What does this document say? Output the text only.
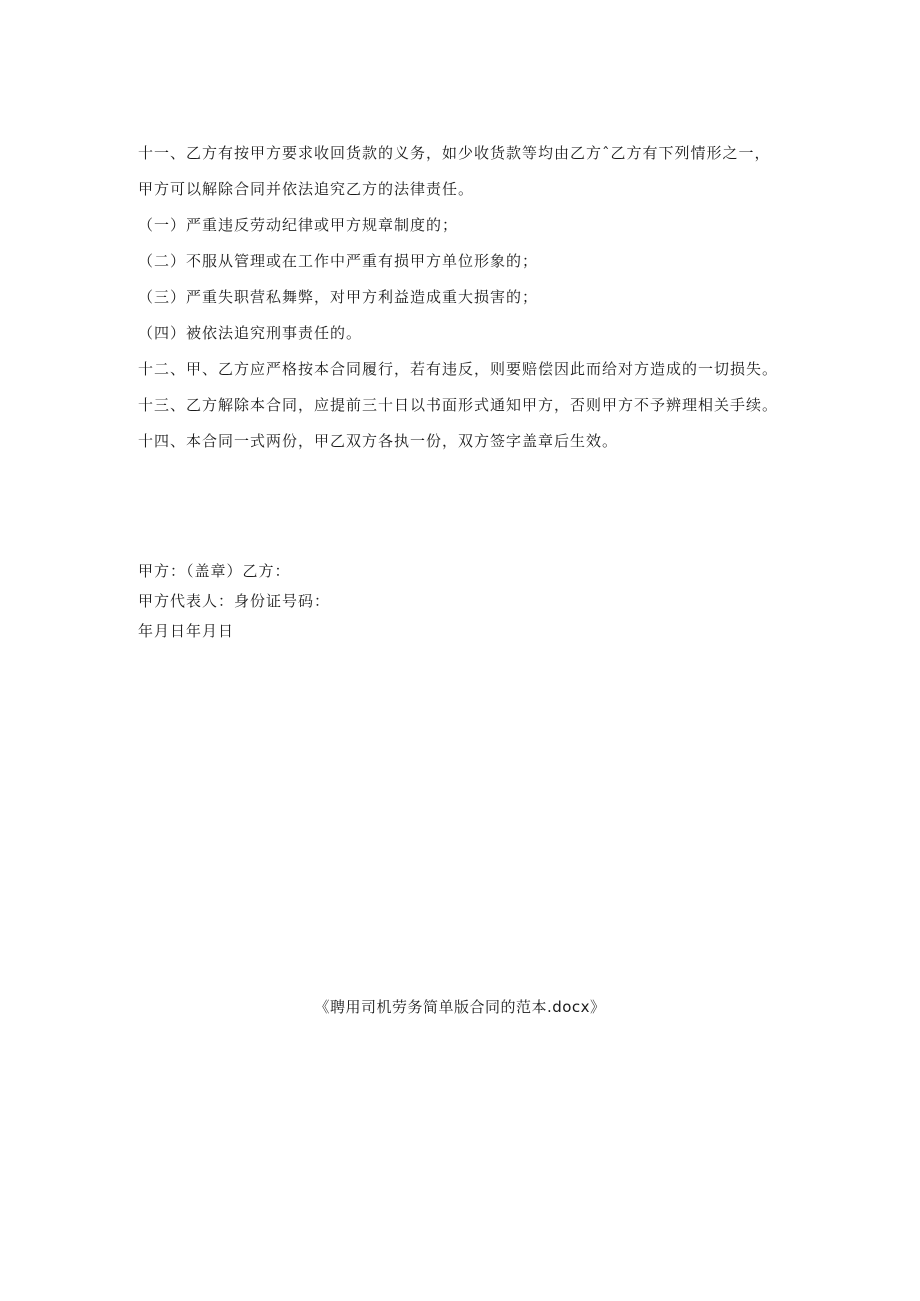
十一、乙方有按甲方要求收回货款的义务，如少收货款等均由乙方ˆ乙方有下列情形之一，甲方可以解除合同并依法追究乙方的法律责任。

（一）严重违反劳动纪律或甲方规章制度的；

（二）不服从管理或在工作中严重有损甲方单位形象的；

（三）严重失职营私舞弊，对甲方利益造成重大损害的；

（四）被依法追究刑事责任的。

十二、甲、乙方应严格按本合同履行，若有违反，则要赔偿因此而给对方造成的一切损失。

十三、乙方解除本合同，应提前三十日以书面形式通知甲方，否则甲方不予辨理相关手续。

十四、本合同一式两份，甲乙双方各执一份，双方签字盖章后生效。

甲方：（盖章）乙方：

甲方代表人：身份证号码：

年月日年月日

《聘用司机劳务简单版合同的范本.docx》
